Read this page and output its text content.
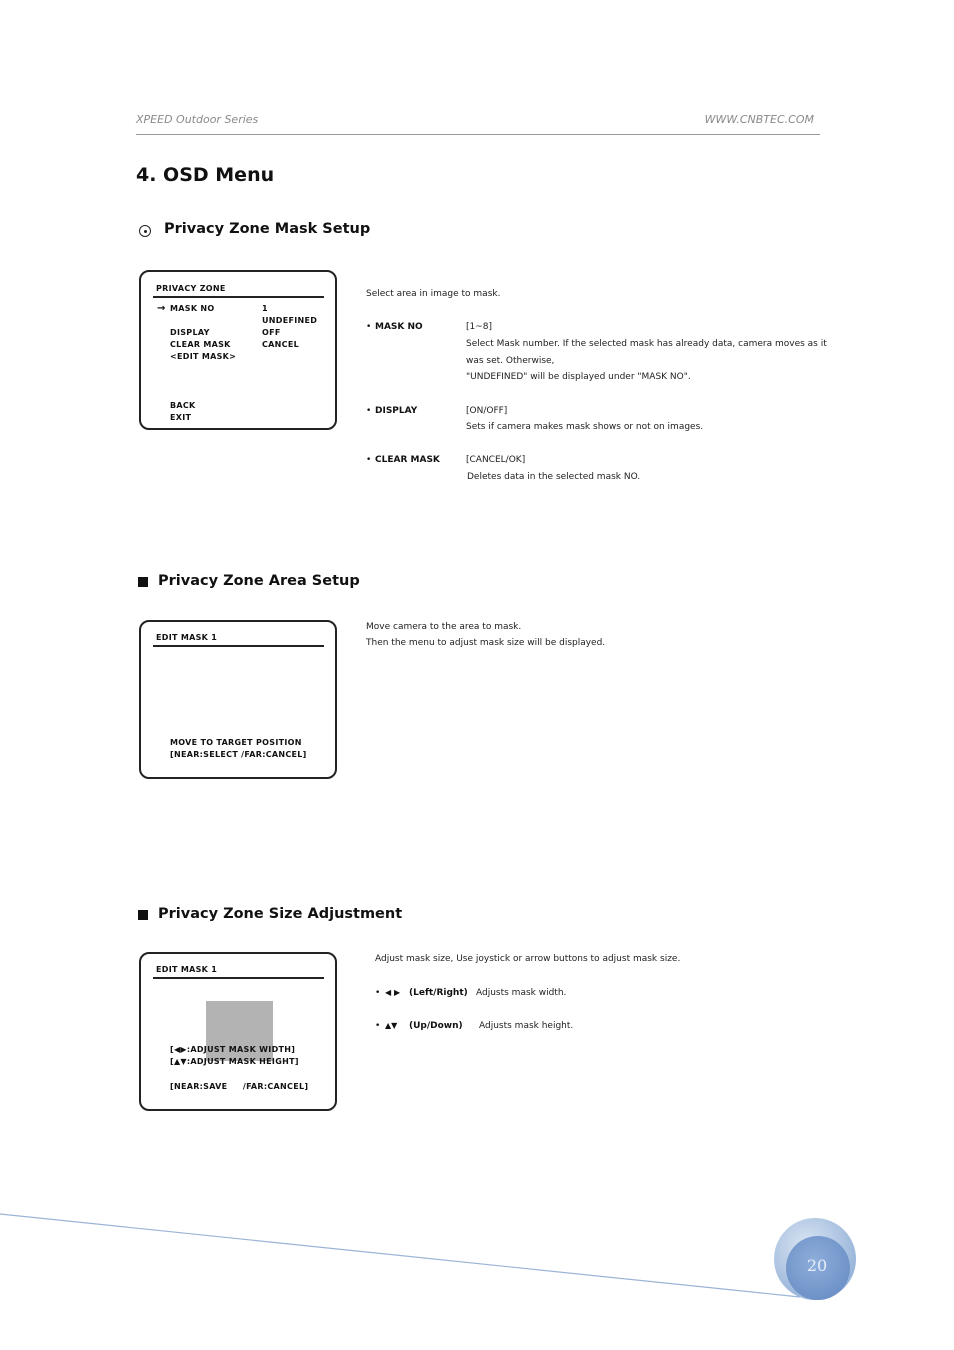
XPEED Outdoor Series	WWW.CNBTEC.COM
4. OSD Menu
Privacy Zone Mask Setup
PRIVACY ZONE
→ MASK NO	1
UNDEFINED
DISPLAY	OFF
CLEAR MASK	CANCEL
<EDIT MASK>
BACK
EXIT
Select area in image to mask.
• MASK NO	[1~8]
Select Mask number. If the selected mask has already data, camera moves as it
was set. Otherwise,
"UNDEFINED" will be displayed under "MASK NO".
• DISPLAY	[ON/OFF]
Sets if camera makes mask shows or not on images.
• CLEAR MASK	[CANCEL/OK]
Deletes data in the selected mask NO.
Privacy Zone Area Setup
EDIT MASK 1
MOVE TO TARGET POSITION
[NEAR:SELECT /FAR:CANCEL]
Move camera to the area to mask.
Then the menu to adjust mask size will be displayed.
Privacy Zone Size Adjustment
EDIT MASK 1
[◀▶:ADJUST MASK WIDTH]
[▲▼:ADJUST MASK HEIGHT]
[NEAR:SAVE     /FAR:CANCEL]
Adjust mask size, Use joystick or arrow buttons to adjust mask size.
• ◀ ▶ (Left/Right) Adjusts mask width.
• ▲▼ (Up/Down) Adjusts mask height.
20
